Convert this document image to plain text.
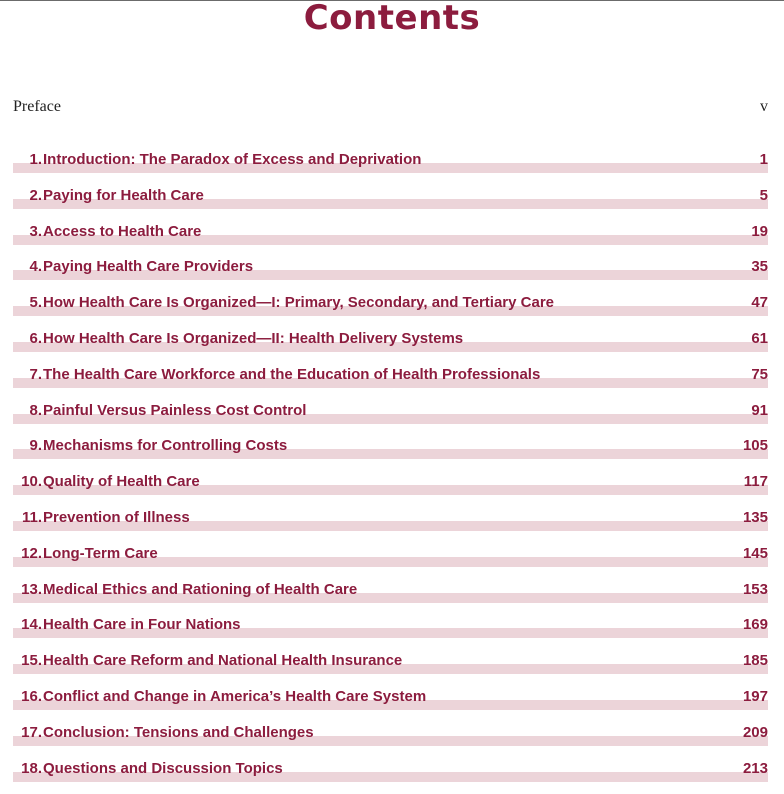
Contents
Preface	v
1. Introduction: The Paradox of Excess and Deprivation	1
2. Paying for Health Care	5
3. Access to Health Care	19
4. Paying Health Care Providers	35
5. How Health Care Is Organized—I: Primary, Secondary, and Tertiary Care	47
6. How Health Care Is Organized—II: Health Delivery Systems	61
7. The Health Care Workforce and the Education of Health Professionals	75
8. Painful Versus Painless Cost Control	91
9. Mechanisms for Controlling Costs	105
10. Quality of Health Care	117
11. Prevention of Illness	135
12. Long-Term Care	145
13. Medical Ethics and Rationing of Health Care	153
14. Health Care in Four Nations	169
15. Health Care Reform and National Health Insurance	185
16. Conflict and Change in America’s Health Care System	197
17. Conclusion: Tensions and Challenges	209
18. Questions and Discussion Topics	213
